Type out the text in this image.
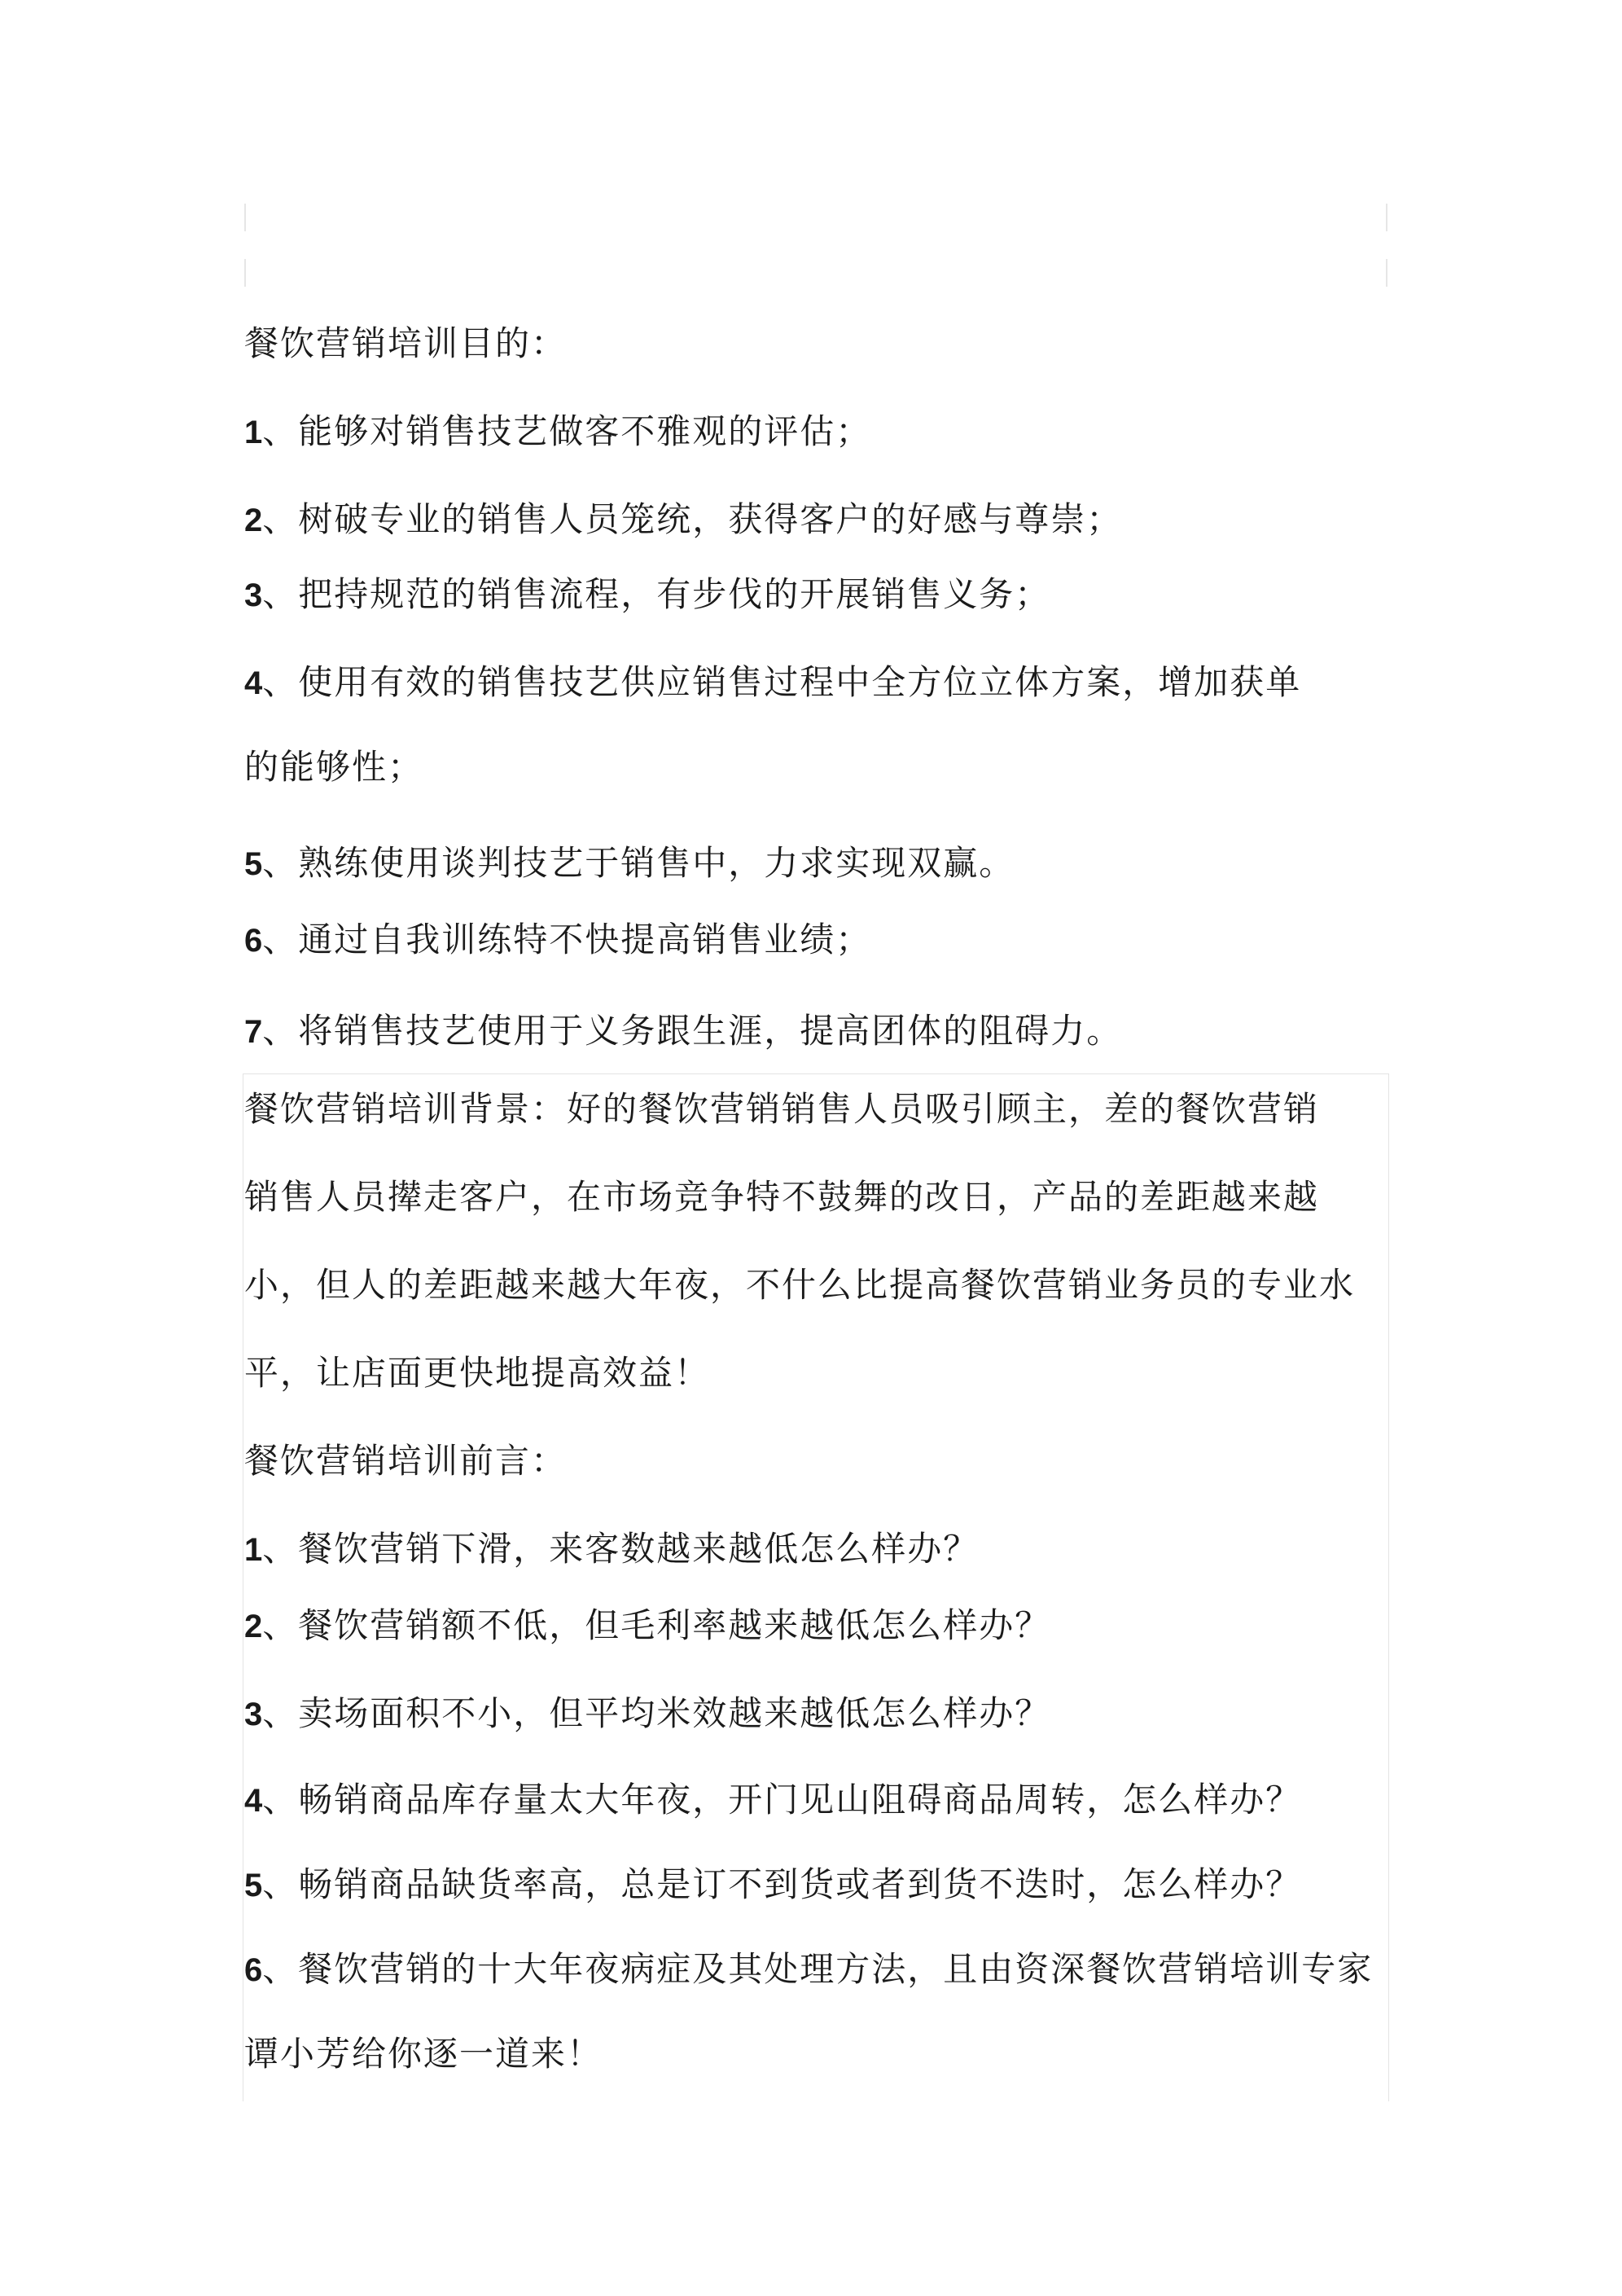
餐饮营销培训目的：
1、能够对销售技艺做客不雅观的评估；
2、树破专业的销售人员笼统，获得客户的好感与尊崇；
3、把持规范的销售流程，有步伐的开展销售义务；
4、使用有效的销售技艺供应销售过程中全方位立体方案，增加获单
的能够性；
5、熟练使用谈判技艺于销售中，力求实现双赢。
6、通过自我训练特不快提高销售业绩；
7、将销售技艺使用于义务跟生涯，提高团体的阻碍力。
餐饮营销培训背景：好的餐饮营销销售人员吸引顾主，差的餐饮营销
销售人员撵走客户，在市场竞争特不鼓舞的改日，产品的差距越来越
小，但人的差距越来越大年夜，不什么比提高餐饮营销业务员的专业水
平，让店面更快地提高效益！
餐饮营销培训前言：
1、餐饮营销下滑，来客数越来越低怎么样办？
2、餐饮营销额不低，但毛利率越来越低怎么样办？
3、卖场面积不小，但平均米效越来越低怎么样办？
4、畅销商品库存量太大年夜，开门见山阻碍商品周转，怎么样办？
5、畅销商品缺货率高，总是订不到货或者到货不迭时，怎么样办？
6、餐饮营销的十大年夜病症及其处理方法，且由资深餐饮营销培训专家
谭小芳给你逐一道来！
